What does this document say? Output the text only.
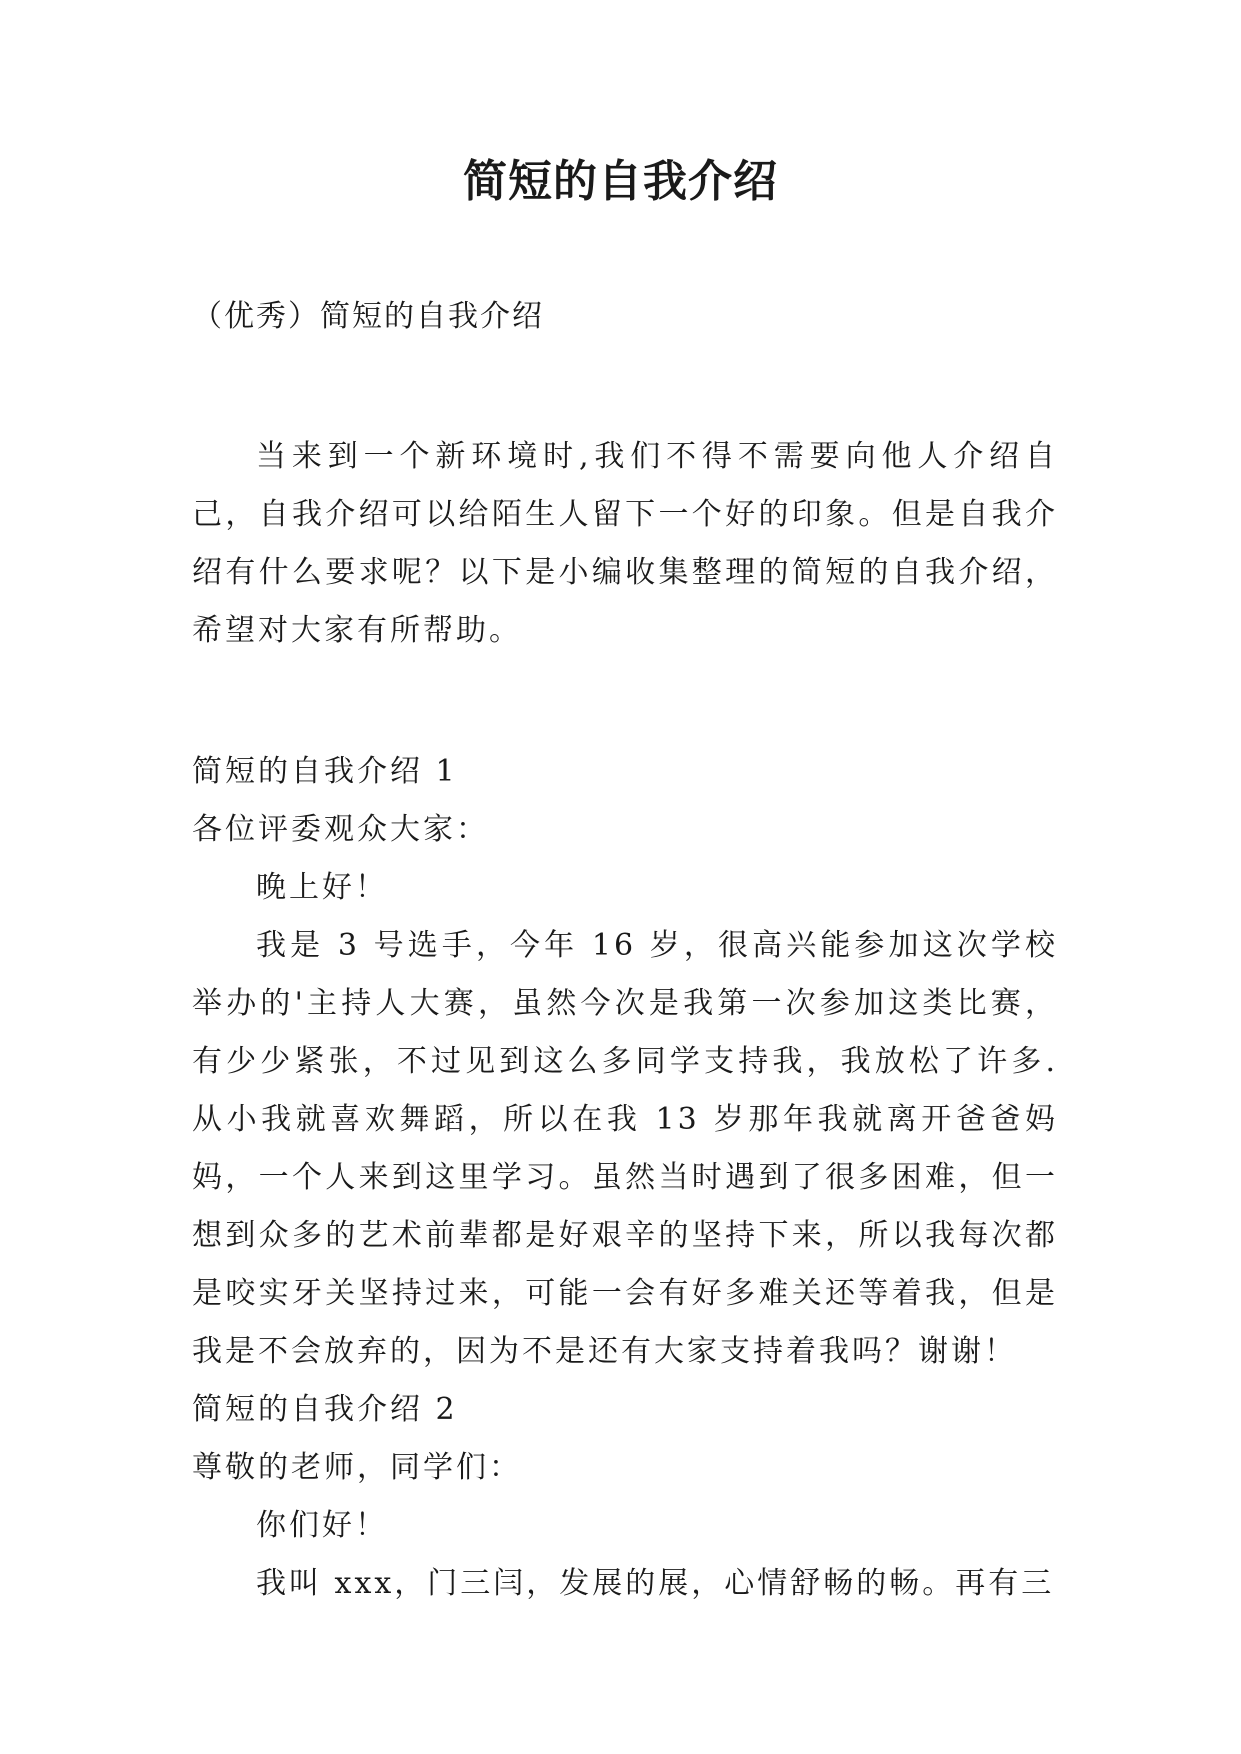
简短的自我介绍

（优秀）简短的自我介绍

当来到一个新环境时,我们不得不需要向他人介绍自己，自我介绍可以给陌生人留下一个好的印象。但是自我介绍有什么要求呢？以下是小编收集整理的简短的自我介绍，希望对大家有所帮助。

简短的自我介绍 1

各位评委观众大家：

晚上好！

我是 3 号选手，今年 16 岁，很高兴能参加这次学校举办的'主持人大赛，虽然今次是我第一次参加这类比赛，有少少紧张，不过见到这么多同学支持我，我放松了许多. 从小我就喜欢舞蹈，所以在我 13 岁那年我就离开爸爸妈妈，一个人来到这里学习。虽然当时遇到了很多困难，但一想到众多的艺术前辈都是好艰辛的坚持下来，所以我每次都是咬实牙关坚持过来，可能一会有好多难关还等着我，但是我是不会放弃的，因为不是还有大家支持着我吗？谢谢！

简短的自我介绍 2

尊敬的老师，同学们：

你们好！

我叫 xxx，门三闫，发展的展，心情舒畅的畅。再有三
